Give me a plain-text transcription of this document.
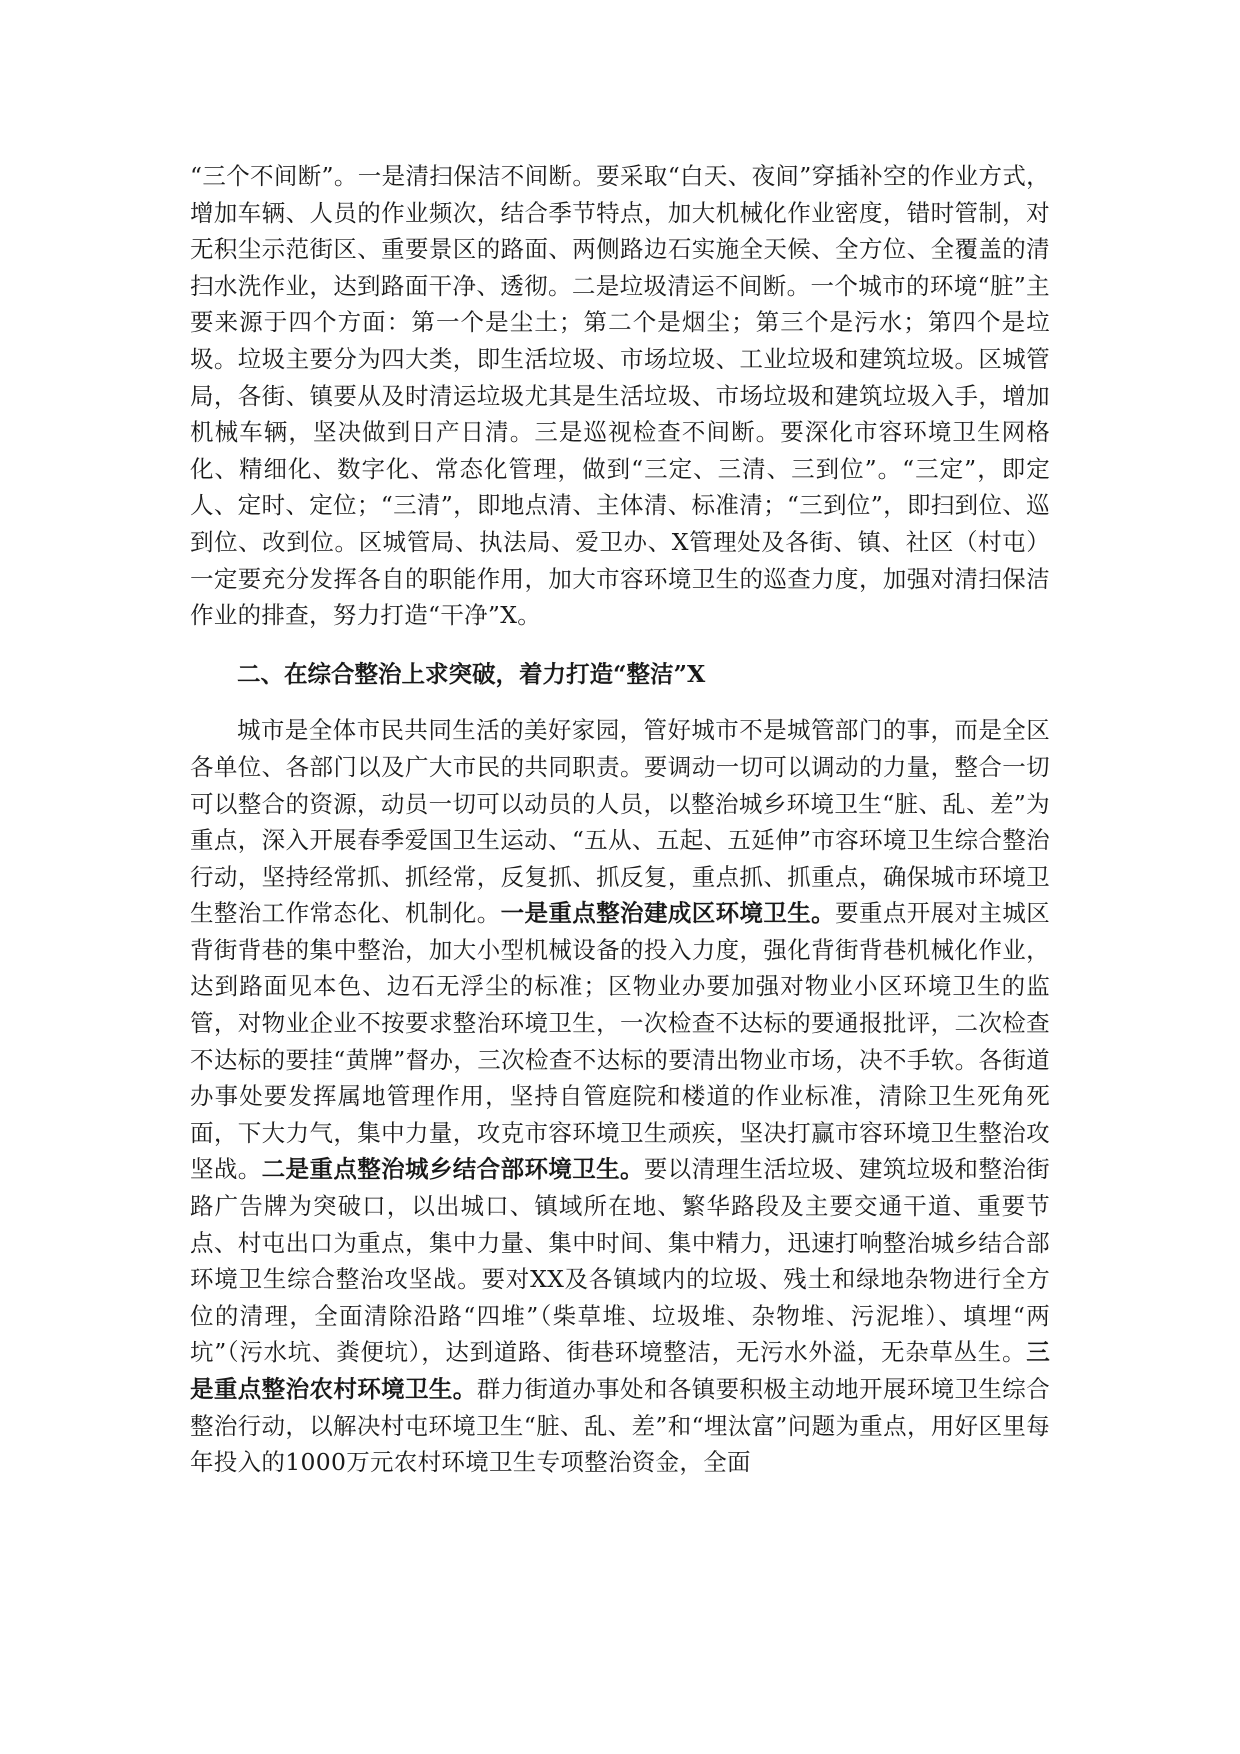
“三个不间断”。一是清扫保洁不间断。要采取“白天、夜间”穿插补空的作业方式，增加车辆、人员的作业频次，结合季节特点，加大机械化作业密度，错时管制，对无积尘示范街区、重要景区的路面、两侧路边石实施全天候、全方位、全覆盖的清扫水洗作业，达到路面干净、透彻。二是垃圾清运不间断。一个城市的环境“脏”主要来源于四个方面：第一个是尘土；第二个是烟尘；第三个是污水；第四个是垃圾。垃圾主要分为四大类，即生活垃圾、市场垃圾、工业垃圾和建筑垃圾。区城管局，各街、镇要从及时清运垃圾尤其是生活垃圾、市场垃圾和建筑垃圾入手，增加机械车辆，坚决做到日产日清。三是巡视检查不间断。要深化市容环境卫生网格化、精细化、数字化、常态化管理，做到“三定、三清、三到位”。“三定”，即定人、定时、定位；“三清”，即地点清、主体清、标准清；“三到位”，即扫到位、巡到位、改到位。区城管局、执法局、爱卫办、X管理处及各街、镇、社区（村屯）一定要充分发挥各自的职能作用，加大市容环境卫生的巡查力度，加强对清扫保洁作业的排查，努力打造“干净”X。

二、在综合整治上求突破，着力打造“整洁”X

城市是全体市民共同生活的美好家园，管好城市不是城管部门的事，而是全区各单位、各部门以及广大市民的共同职责。要调动一切可以调动的力量，整合一切可以整合的资源，动员一切可以动员的人员，以整治城乡环境卫生“脏、乱、差”为重点，深入开展春季爱国卫生运动、“五从、五起、五延伸”市容环境卫生综合整治行动，坚持经常抓、抓经常，反复抓、抓反复，重点抓、抓重点，确保城市环境卫生整治工作常态化、机制化。一是重点整治建成区环境卫生。要重点开展对主城区背街背巷的集中整治，加大小型机械设备的投入力度，强化背街背巷机械化作业，达到路面见本色、边石无浮尘的标准；区物业办要加强对物业小区环境卫生的监管，对物业企业不按要求整治环境卫生，一次检查不达标的要通报批评，二次检查不达标的要挂“黄牌”督办，三次检查不达标的要清出物业市场，决不手软。各街道办事处要发挥属地管理作用，坚持自管庭院和楼道的作业标准，清除卫生死角死面，下大力气，集中力量，攻克市容环境卫生顽疾，坚决打赢市容环境卫生整治攻坚战。二是重点整治城乡结合部环境卫生。要以清理生活垃圾、建筑垃圾和整治街路广告牌为突破口，以出城口、镇域所在地、繁华路段及主要交通干道、重要节点、村屯出口为重点，集中力量、集中时间、集中精力，迅速打响整治城乡结合部环境卫生综合整治攻坚战。要对XX及各镇域内的垃圾、残土和绿地杂物进行全方位的清理，全面清除沿路“四堆”（柴草堆、垃圾堆、杂物堆、污泥堆）、填埋“两坑”（污水坑、粪便坑），达到道路、街巷环境整洁，无污水外溢，无杂草丛生。三是重点整治农村环境卫生。群力街道办事处和各镇要积极主动地开展环境卫生综合整治行动，以解决村屯环境卫生“脏、乱、差”和“埋汰富”问题为重点，用好区里每年投入的1000万元农村环境卫生专项整治资金，全面
